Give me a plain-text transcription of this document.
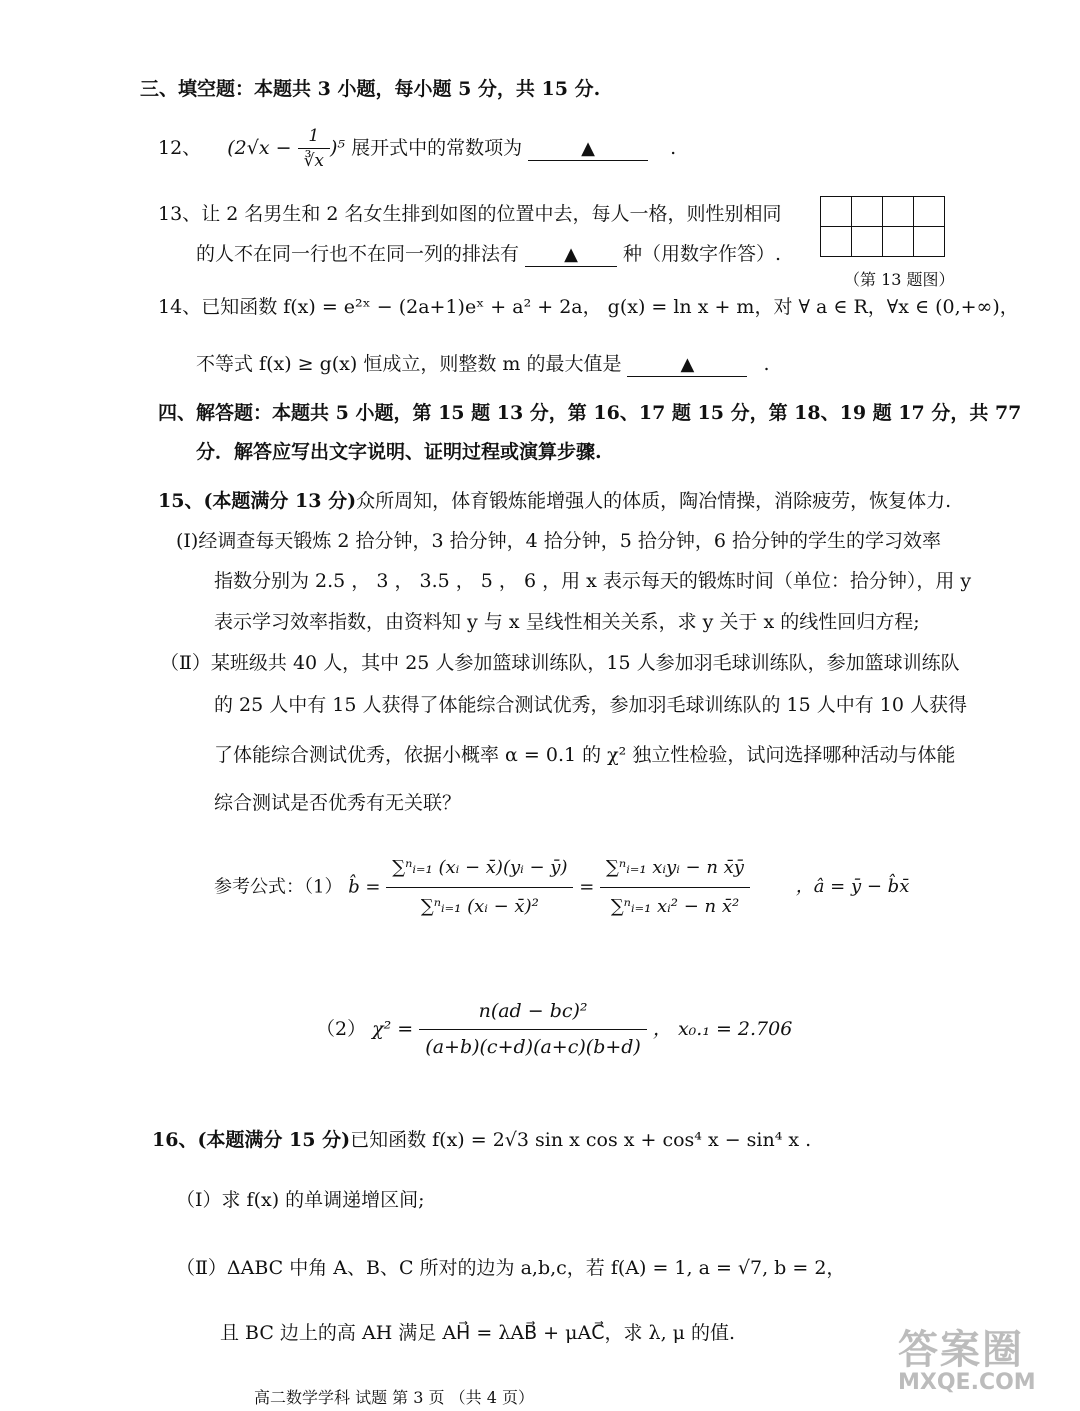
三、填空题：本题共 3 小题，每小题 5 分，共 15 分.
12、 $(2√x - \frac{1}{∛x} )^5$ 展开式中的常数项为	▲	.
13、让 2 名男生和 2 名女生排到如图的位置中去，每人一格，则性别相同
的人不在同一行也不在同一列的排法有	▲ 种（用数字作答）.

（第 13 题图）
14、已知函数 f(x) = e²ˣ − (2a+1)eˣ + a² + 2a， g(x) = ln x + m，对 ∀ a ∈ R，∀x ∈ (0,+∞)，
不等式 f(x) ≥ g(x) 恒成立，则整数 m 的最大值是	▲	.
四、解答题：本题共 5 小题，第 15 题 13 分，第 16、17 题 15 分，第 18、19 题 17 分，共 77
分．解答应写出文字说明、证明过程或演算步骤.
15、(本题满分 13 分)众所周知，体育锻炼能增强人的体质，陶冶情操，消除疲劳，恢复体力.
(Ⅰ)经调查每天锻炼 2 拾分钟，3 拾分钟，4 拾分钟，5 拾分钟，6 拾分钟的学生的学习效率
指数分别为 2.5 ， 3 ， 3.5 ， 5 ， 6 ，用 x 表示每天的锻炼时间（单位：拾分钟），用 y
表示学习效率指数，由资料知 y 与 x 呈线性相关关系，求 y 关于 x 的线性回归方程;
（Ⅱ）某班级共 40 人，其中 25 人参加篮球训练队，15 人参加羽毛球训练队，参加篮球训练队
的 25 人中有 15 人获得了体能综合测试优秀，参加羽毛球训练队的 15 人中有 10 人获得
了体能综合测试优秀，依据小概率 α = 0.1 的 χ² 独立性检验，试问选择哪种活动与体能
综合测试是否优秀有无关联？
参考公式：（1） b̂ = $\frac{\text{∑ⁿᵢ₌₁ (xᵢ − x̄)(yᵢ − ȳ)}}{\text{∑ⁿᵢ₌₁ (xᵢ − x̄)²}} = \frac{\text{∑ⁿᵢ₌₁ xᵢyᵢ − n x̄ȳ}}{\text{∑ⁿᵢ₌₁ xᵢ² − n x̄²}}$	，â = ȳ − b̂x̄
（2） $\chi^2 = \frac{\text{n(ad − bc)²}}{(a+b)(c+d)(a+c)(b+d)}$ ， x₀.₁ = 2.706
16、(本题满分 15 分)已知函数 f(x) = 2√3 sin x cos x + cos⁴ x − sin⁴ x .
（Ⅰ）求 f(x) 的单调递增区间;
（Ⅱ）ΔABC 中角 A、B、C 所对的边为 a,b,c，若 f(A) = 1, a = √7, b = 2，
且 BC 边上的高 AH 满足 AH⃗ = λAB⃗ + μAC⃗，求 λ, μ 的值.
高二数学学科 试题 第 3 页 （共 4 页）
答案圈
MXQE.COM
